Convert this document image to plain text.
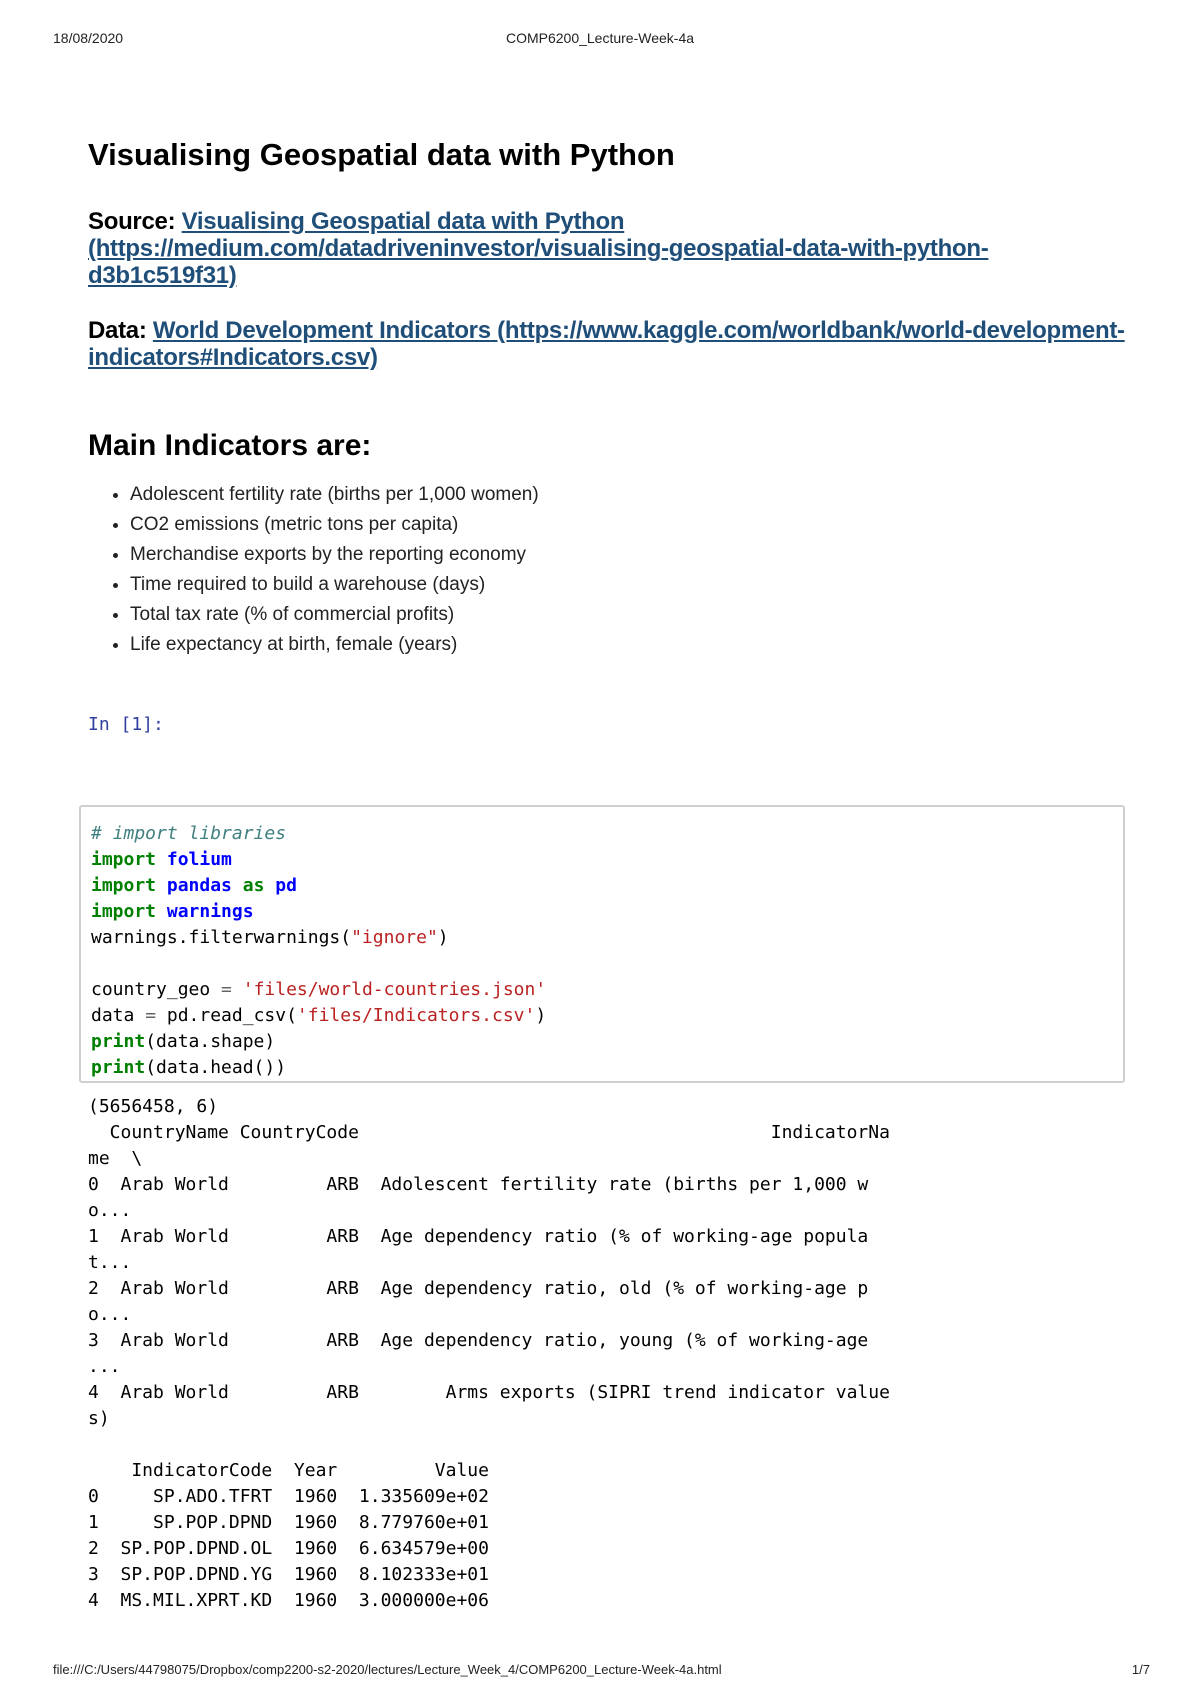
18/08/2020	COMP6200_Lecture-Week-4a
Visualising Geospatial data with Python
Source: Visualising Geospatial data with Python (https://medium.com/datadriveninvestor/visualising-geospatial-data-with-python-d3b1c519f31)
Data: World Development Indicators (https://www.kaggle.com/worldbank/world-development-indicators#Indicators.csv)
Main Indicators are:
• Adolescent fertility rate (births per 1,000 women)
• CO2 emissions (metric tons per capita)
• Merchandise exports by the reporting economy
• Time required to build a warehouse (days)
• Total tax rate (% of commercial profits)
• Life expectancy at birth, female (years)
In [1]:
# import libraries
import folium
import pandas as pd
import warnings
warnings.filterwarnings("ignore")

country_geo = 'files/world-countries.json'
data = pd.read_csv('files/Indicators.csv')
print(data.shape)
print(data.head())
(5656458, 6)
CountryName CountryCode                                      IndicatorNa
me  \
0  Arab World         ARB  Adolescent fertility rate (births per 1,000 w
o...
1  Arab World         ARB  Age dependency ratio (% of working-age popula
t...
2  Arab World         ARB  Age dependency ratio, old (% of working-age p
o...
3  Arab World         ARB  Age dependency ratio, young (% of working-age
...
4  Arab World         ARB        Arms exports (SIPRI trend indicator value
s)

IndicatorCode  Year         Value
0     SP.ADO.TFRT  1960  1.335609e+02
1     SP.POP.DPND  1960  8.779760e+01
2  SP.POP.DPND.OL  1960  6.634579e+00
3  SP.POP.DPND.YG  1960  8.102333e+01
4  MS.MIL.XPRT.KD  1960  3.000000e+06
file:///C:/Users/44798075/Dropbox/comp2200-s2-2020/lectures/Lecture_Week_4/COMP6200_Lecture-Week-4a.html	1/7
